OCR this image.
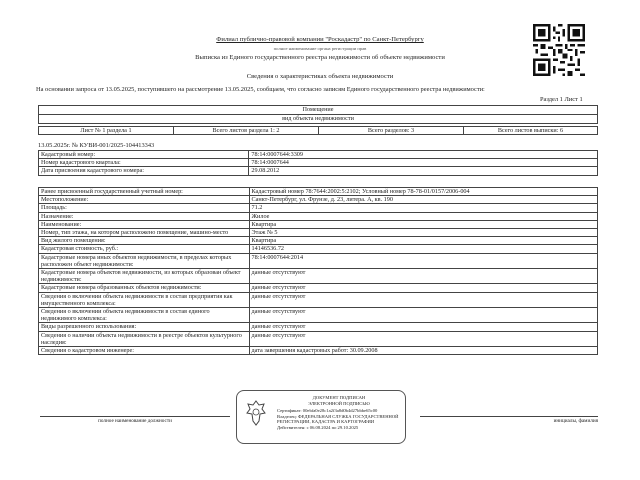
Филиал публично-правовой компании "Роскадастр" по Санкт-Петербургу
полное наименование органа регистрации прав
Выписка из Единого государственного реестра недвижимости об объекте недвижимости
Сведения о характеристиках объекта недвижимости
На основании запроса от 13.05.2025, поступившего на рассмотрение 13.05.2025, сообщаем, что согласно записям Единого государственного реестра недвижимости:
Раздел 1 Лист 1
Помещение
вид объекта недвижимости
Лист № 1 раздела 1	Всего листов раздела 1: 2	Всего разделов: 3	Всего листов выписки: 6
13.05.2025г. № КУВИ-001/2025-104413343
Кадастровый номер:	78:14:0007644:3309
Номер кадастрового квартала:	78:14:0007644
Дата присвоения кадастрового номера:	29.08.2012
Ранее присвоенный государственный учетный номер:	Кадастровый номер 78:7644:2002:5:2102; Условный номер 78-78-01/0157/2006-004
Местоположение:	Санкт-Петербург, ул. Фрунзе, д. 23, литера. А, кв. 190
Площадь:	71.2
Назначение:	Жилое
Наименование:	Квартира
Номер, тип этажа, на котором расположено помещение, машино-место	Этаж № 5
Вид жилого помещения:	Квартира
Кадастровая стоимость, руб.:	14146536.72
Кадастровые номера иных объектов недвижимости, в пределах которых расположен объект недвижимости:	78:14:0007644:2014
Кадастровые номера объектов недвижимости, из которых образован объект недвижимости:	данные отсутствуют
Кадастровые номера образованных объектов недвижимости:	данные отсутствуют
Сведения о включении объекта недвижимости в состав предприятия как имущественного комплекса:	данные отсутствуют
Сведения о включении объекта недвижимости в состав единого недвижимого комплекса:	данные отсутствуют
Виды разрешенного использования:	данные отсутствуют
Сведения о наличии объекта недвижимости в реестре объектов культурного наследия:	данные отсутствуют
Сведения о кадастровом инженере:	дата завершения кадастровых работ: 30.09.2008
ДОКУМЕНТ ПОДПИСАН
ЭЛЕКТРОННОЙ ПОДПИСЬЮ
Сертификат: 00ebfa0e28c1a2f3a8d0b4d27bbbe65c00
Владелец: ФЕДЕРАЛЬНАЯ СЛУЖБА ГОСУДАРСТВЕННОЙ
РЕГИСТРАЦИИ, КАДАСТРА И КАРТОГРАФИИ
Действителен: с 06.08.2024 по 29.10.2025
полное наименование должности	инициалы, фамилия
